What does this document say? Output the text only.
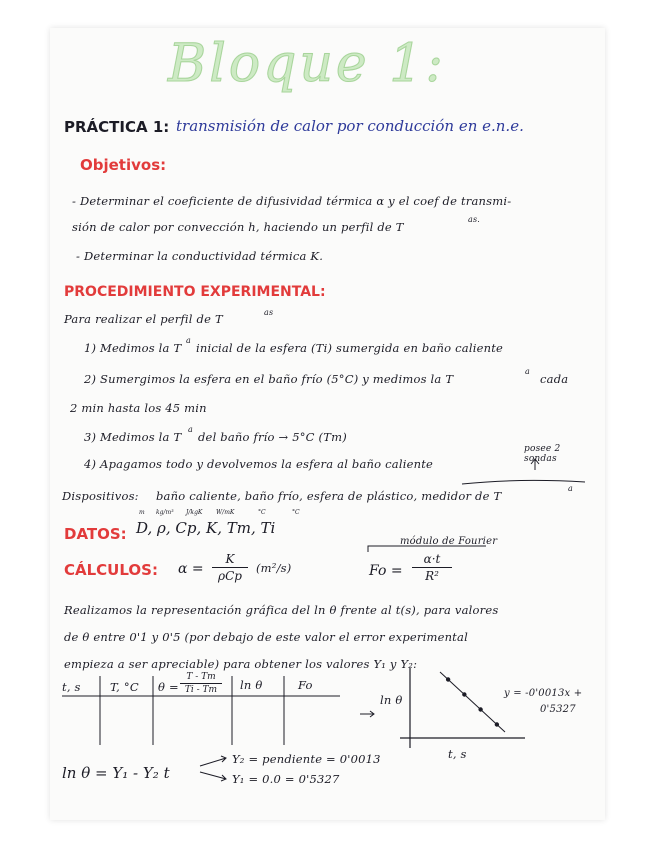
Bloque 1:
PRÁCTICA 1: transmisión de calor por conducción en e.n.e.
Objetivos:
- Determinar el coeficiente de difusividad térmica α y el coef de transmi-
sión de calor por convección h, haciendo un perfil de T
as.
- Determinar la conductividad térmica K.
PROCEDIMIENTO EXPERIMENTAL:
Para realizar el perfil de T	as
1) Medimos la T
a
inicial de la esfera (Ti) sumergida en baño caliente
2) Sumergimos la esfera en el baño frío (5°C) y medimos la T
a
cada
2 min hasta los 45 min
3) Medimos la T
a
del baño frío → 5°C (Tm)
4) Apagamos todo y devolvemos la esfera al baño caliente
posee 2 sondas
Dispositivos: baño caliente, baño frío, esfera de plástico, medidor de T
a
DATOS: D, ρ, Cp, K, Tm, Ti
m kg/m³ J/kgK W/mK	°C	°C
CÁLCULOS: α =
K
ρCp
(m²/s)
módulo de Fourier
Fo =
α·t
R²
Realizamos la representación gráfica del ln θ frente al t(s), para valores
de θ entre 0'1 y 0'5 (por debajo de este valor el error experimental
empieza a ser apreciable) para obtener los valores Y₁ y Y₂:
t, s	T, °C θ =
T - Tm
Ti - Tm	ln θ	Fo
ln θ
t, s
y = -0'0013x +
0'5327
ln θ = Y₁ - Y₂ t
Y₂ = pendiente = 0'0013
Y₁ = 0.0 = 0'5327
